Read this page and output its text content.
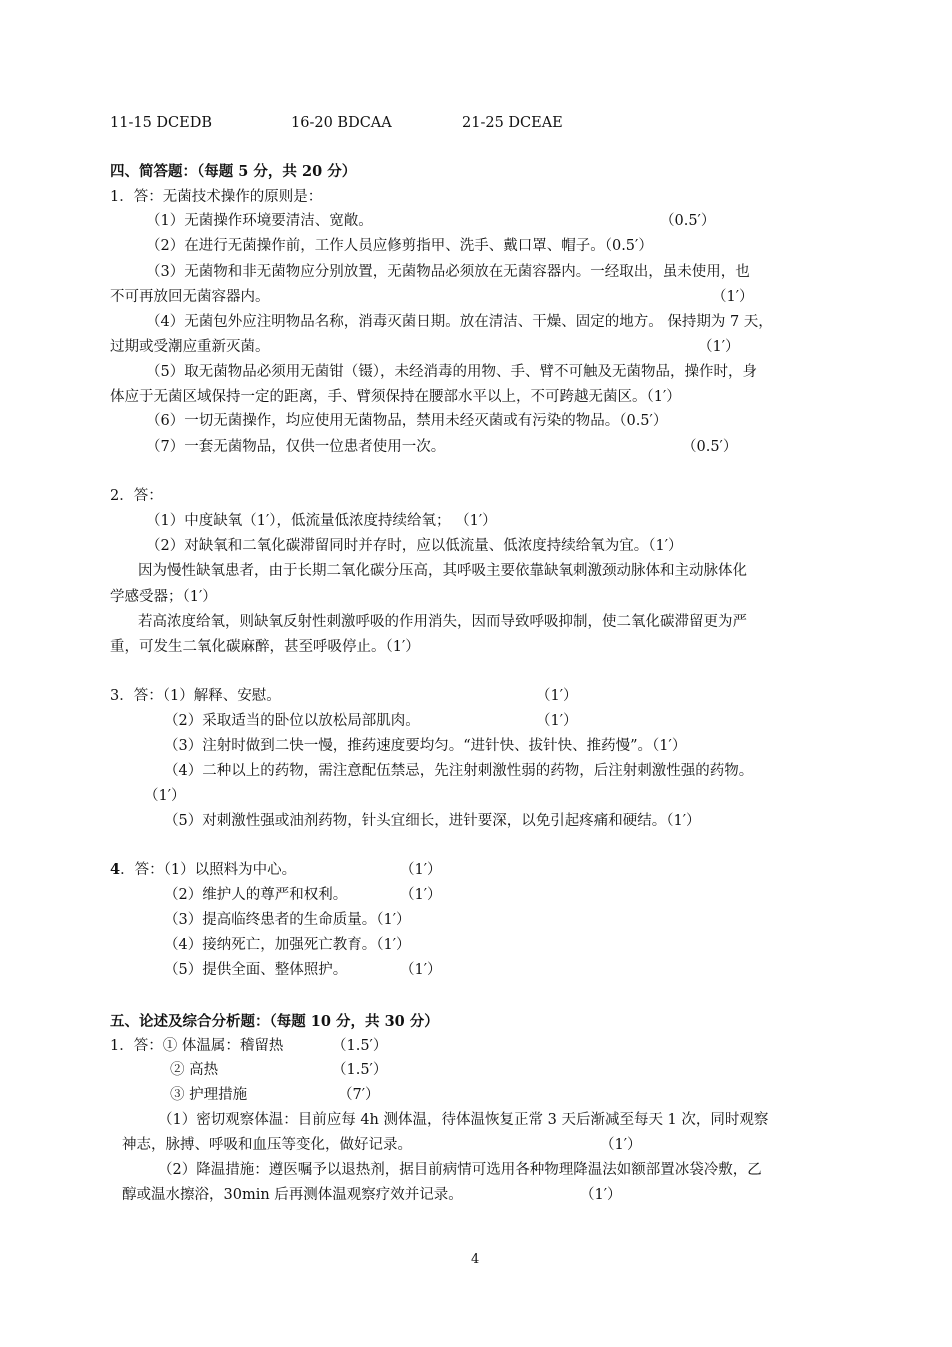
11-15 DCEDB	16-20 BDCAA	21-25 DCEAE
四、简答题：（每题 5 分，共 20 分）
1．答：无菌技术操作的原则是：
（1）无菌操作环境要清洁、宽敞。	（0.5′）
（2）在进行无菌操作前，工作人员应修剪指甲、洗手、戴口罩、帽子。（0.5′）
（3）无菌物和非无菌物应分别放置，无菌物品必须放在无菌容器内。一经取出，虽未使用，也
不可再放回无菌容器内。	（1′）
（4）无菌包外应注明物品名称，消毒灭菌日期。放在清洁、干燥、固定的地方。 保持期为 7 天，
过期或受潮应重新灭菌。	（1′）
（5）取无菌物品必须用无菌钳（镊），未经消毒的用物、手、臂不可触及无菌物品，操作时，身
体应于无菌区域保持一定的距离，手、臂须保持在腰部水平以上，不可跨越无菌区。（1′）
（6）一切无菌操作，均应使用无菌物品，禁用未经灭菌或有污染的物品。（0.5′）
（7）一套无菌物品，仅供一位患者使用一次。	（0.5′）
2．答：
（1）中度缺氧（1′），低流量低浓度持续给氧； （1′）
（2）对缺氧和二氧化碳滞留同时并存时，应以低流量、低浓度持续给氧为宜。（1′）
因为慢性缺氧患者，由于长期二氧化碳分压高，其呼吸主要依靠缺氧刺激颈动脉体和主动脉体化
学感受器；（1′）
若高浓度给氧，则缺氧反射性刺激呼吸的作用消失，因而导致呼吸抑制，使二氧化碳滞留更为严
重，可发生二氧化碳麻醉，甚至呼吸停止。（1′）
3．答：（1）解释、安慰。	（1′）
（2）采取适当的卧位以放松局部肌肉。	（1′）
（3）注射时做到二快一慢，推药速度要均匀。“进针快、拔针快、推药慢”。（1′）
（4）二种以上的药物，需注意配伍禁忌，先注射刺激性弱的药物，后注射刺激性强的药物。
（1′）
（5）对刺激性强或油剂药物，针头宜细长，进针要深，以免引起疼痛和硬结。（1′）
4．答：（1）以照料为中心。	（1′）
（2）维护人的尊严和权利。	（1′）
（3）提高临终患者的生命质量。（1′）
（4）接纳死亡，加强死亡教育。（1′）
（5）提供全面、整体照护。	（1′）
五、论述及综合分析题：（每题 10 分，共 30 分）
1．答：① 体温属：稽留热	（1.5′）
② 高热	（1.5′）
③ 护理措施	（7′）
（1）密切观察体温：目前应每 4h 测体温，待体温恢复正常 3 天后渐减至每天 1 次，同时观察
神志，脉搏、呼吸和血压等变化，做好记录。	（1′）
（2）降温措施：遵医嘱予以退热剂，据目前病情可选用各种物理降温法如额部置冰袋冷敷，乙
醇或温水擦浴，30min 后再测体温观察疗效并记录。	（1′）
4
